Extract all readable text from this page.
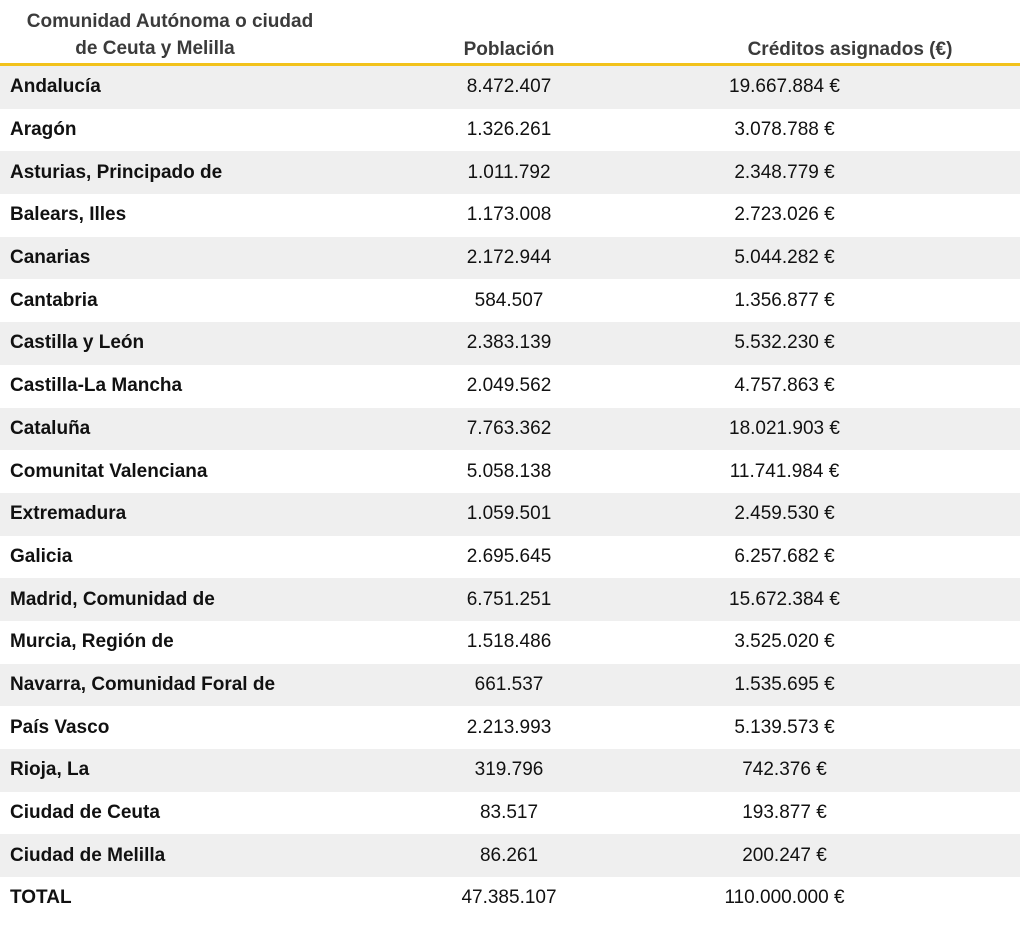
Comunidad Autónoma o ciudad
de Ceuta y Melilla	Población	Créditos asignados (€)
Andalucía	8.472.407	19.667.884 €
Aragón	1.326.261	3.078.788 €
Asturias, Principado de	1.011.792	2.348.779 €
Balears, Illes	1.173.008	2.723.026 €
Canarias	2.172.944	5.044.282 €
Cantabria	584.507	1.356.877 €
Castilla y León	2.383.139	5.532.230 €
Castilla-La Mancha	2.049.562	4.757.863 €
Cataluña	7.763.362	18.021.903 €
Comunitat Valenciana	5.058.138	11.741.984 €
Extremadura	1.059.501	2.459.530 €
Galicia	2.695.645	6.257.682 €
Madrid, Comunidad de	6.751.251	15.672.384 €
Murcia, Región de	1.518.486	3.525.020 €
Navarra, Comunidad Foral de	661.537	1.535.695 €
País Vasco	2.213.993	5.139.573 €
Rioja, La	319.796	742.376 €
Ciudad de Ceuta	83.517	193.877 €
Ciudad de Melilla	86.261	200.247 €
TOTAL	47.385.107	110.000.000 €
